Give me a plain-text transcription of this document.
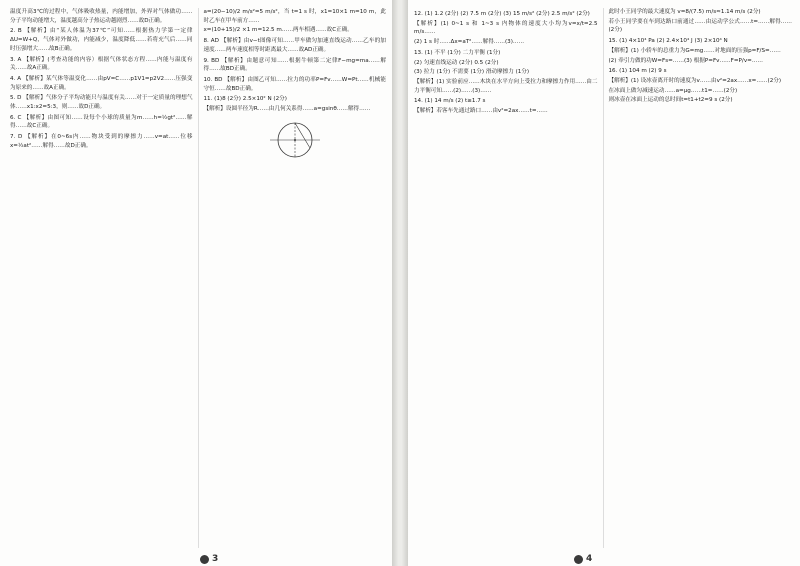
温度升高3℃的过程中，气体吸收热量，内能增加，外界对气体做功……分子平均动能增大，温度越高分子热运动越剧烈……故D正确。

2. B 【解析】由“某人体温为37℃”可知……根据热力学第一定律ΔU=W+Q，气体对外做功，内能减少，温度降低……若将充气后……同时压强增大……故B正确。

3. A 【解析】(考查功能的内容）根据气体状态方程……内能与温度有关……故A正确。

4. A 【解析】某气体等温变化……由pV=C……p1V1=p2V2……压强变为原来的……故A正确。

5. D 【解析】气体分子平均动能只与温度有关……对于一定质量的理想气体……x1:x2=5:3，则……故D正确。

6. C 【解析】由图可知……设每个小球的质量为m……h=½gt²……解得……故C正确。

7. D 【解析】在0~6s内……物块受到的摩擦力……v=at……位移x=½at²……解得……故D正确。

a=(20−10)/2 m/s²=5 m/s²，当 t=1 s 时，x1=10×1 m=10 m，此时乙车在甲车前方……

x=(10+15)/2 ×1 m=12.5 m……两车相遇……故C正确。

8. AD 【解析】由v−t图像可知……甲车做匀加速直线运动……乙车的加速度……两车速度相等时距离最大……故AD正确。

9. BD 【解析】由题意可知……根据牛顿第二定律F−mg=ma……解得……故BD正确。

10. BD 【解析】由图乙可知……拉力的功率P=Fv……W=Pt……机械能守恒……故BD正确。

11. (1)8 (2分) 2.5×10² N (2分)

【解析】设圆半径为R……由几何关系得……a=gsinθ……解得……

3

12. (1) 1.2 (2分) (2) 7.5 m (2分) (3) 15 m/s² (2分) 2.5 m/s² (2分)

【解析】(1) 0~1 s 和 1~3 s 内物体的速度大小均为v=x/t=2.5 m/s……

(2) 1 s 时……Δx=aT²……解得……(3)……

13. (1) 不平 (1分) 二力平衡 (1分)

(2) 匀速直线运动 (2分) 0.5 (2分)

(3) 拉力 (1分) 不需要 (1分) 滑动摩擦力 (1分)

【解析】(1) 实验前应……木块在水平方向上受拉力和摩擦力作用……由二力平衡可知……(2)……(3)……

14. (1) 14 m/s (2) t≥1.7 s

【解析】若客车先通过路口……由v²=2ax……t=……

此时小王同学的最大速度为 v=8/(7.5) m/s≈1.14 m/s (2分)

若小王同学要在车到达路口前通过……由运动学公式……t=……解得……(2分)

15. (1) 4×10⁴ Pa (2) 2.4×10⁴ J (3) 2×10⁴ N

【解析】(1) 小轿车的总重力为G=mg……对地面的压强p=F/S=……

(2) 牵引力做的功W=Fs=……(3) 根据P=Fv……F=P/v=……

16. (1) 104 m (2) 9 s

【解析】(1) 设冰壶离开时的速度为v……由v²=2ax……x=……(2分)

在冰面上做匀减速运动……a=μg……t1=……(2分)

则冰壶在冰面上运动的总时间t=t1+t2=9 s (2分)

4
